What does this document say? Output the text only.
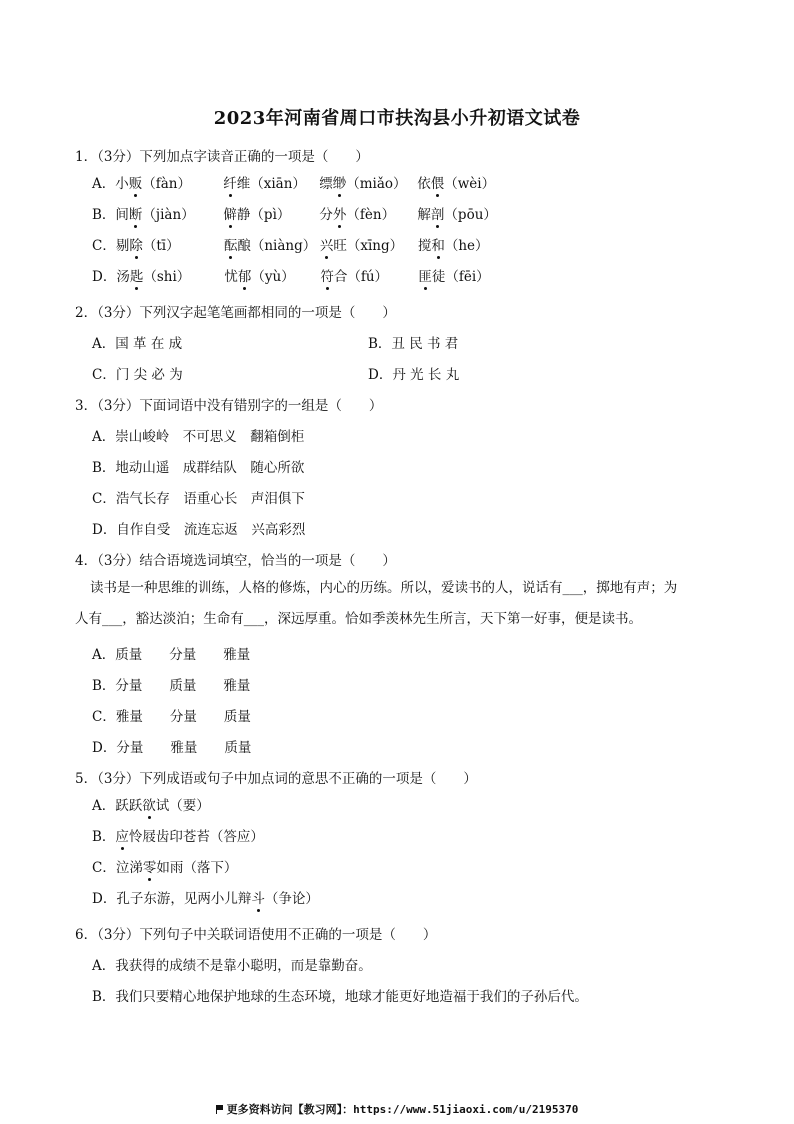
2023年河南省周口市扶沟县小升初语文试卷
1．（3分）下列加点字读音正确的一项是（　　）
A．小贩（fàn） 纤维（xiān） 缥缈（miǎo） 依偎（wèi）
B．间断（jiàn） 僻静（pì） 分外（fèn） 解剖（pōu）
C．剔除（tī）	酝酿（niàng） 兴旺（xīng） 搅和（he）
D．汤匙（shi）	忧郁（yù） 符合（fú） 匪徒（fēi）
2．（3分）下列汉字起笔笔画都相同的一项是（　　）
A．国 革 在 成	B．丑 民 书 君
C．门 尖 必 为	D．丹 光 长 丸
3．（3分）下面词语中没有错别字的一组是（　　）
A．崇山峻岭　不可思义　翻箱倒柜
B．地动山遥　成群结队　随心所欲
C．浩气长存　语重心长　声泪俱下
D．自作自受　流连忘返　兴高彩烈
4．（3分）结合语境选词填空，恰当的一项是（　　）
读书是一种思维的训练，人格的修炼，内心的历练。所以，爱读书的人，说话有___，掷地有声；为
人有___，豁达淡泊；生命有___，深远厚重。恰如季羡林先生所言，天下第一好事，便是读书。
A．质量　　分量　　雅量
B．分量　　质量　　雅量
C．雅量　　分量　　质量
D．分量　　雅量　　质量
5．（3分）下列成语或句子中加点词的意思不正确的一项是（　　）
A．跃跃欲试（要）
B．应怜屐齿印苍苔（答应）
C．泣涕零如雨（落下）
D．孔子东游，见两小儿辩斗（争论）
6．（3分）下列句子中关联词语使用不正确的一项是（　　）
A．我获得的成绩不是靠小聪明，而是靠勤奋。
B．我们只要精心地保护地球的生态环境，地球才能更好地造福于我们的子孙后代。
更多资料访问【教习网】：https://www.51jiaoxi.com/u/2195370
